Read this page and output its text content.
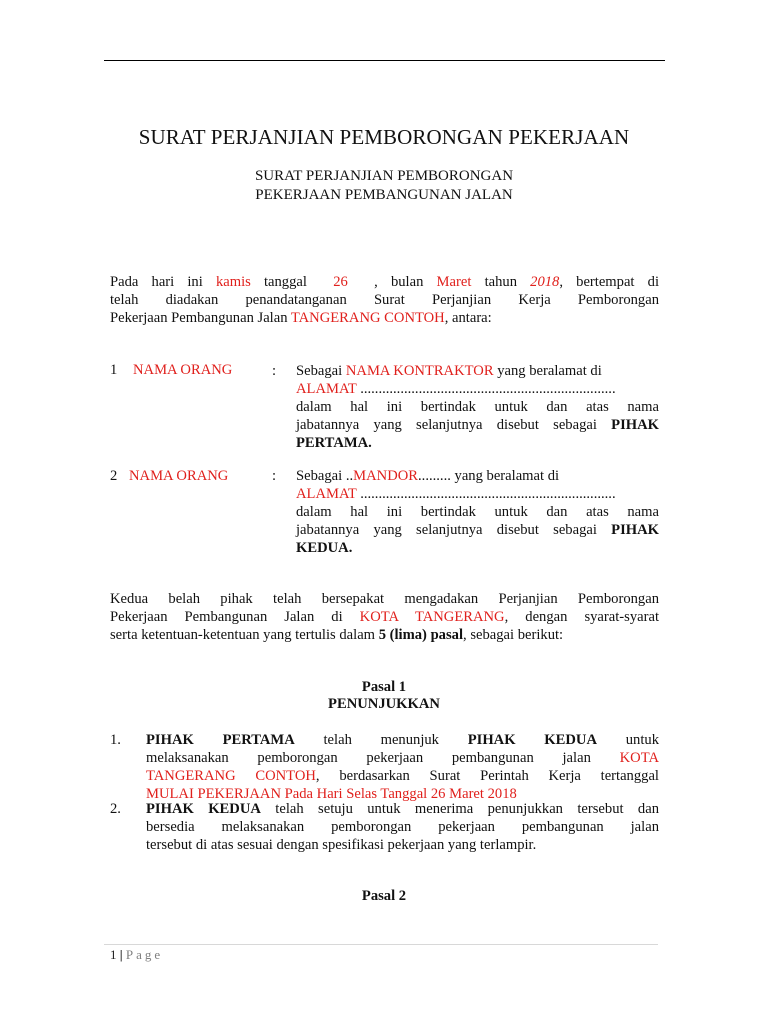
SURAT PERJANJIAN PEMBORONGAN PEKERJAAN
SURAT PERJANJIAN PEMBORONGAN
PEKERJAAN PEMBANGUNAN JALAN
Pada hari ini kamis tanggal 26 , bulan Maret tahun 2018, bertempat di
telah diadakan penandatanganan Surat Perjanjian Kerja Pemborongan
Pekerjaan Pembangunan Jalan TANGERANG CONTOH, antara:
1 NAMA ORANG	: Sebagai NAMA KONTRAKTOR yang beralamat di
ALAMAT ......................................................................
dalam hal ini bertindak untuk dan atas nama
jabatannya yang selanjutnya disebut sebagai PIHAK
PERTAMA.
2 NAMA ORANG	: Sebagai ..MANDOR......... yang beralamat di
ALAMAT ......................................................................
dalam hal ini bertindak untuk dan atas nama
jabatannya yang selanjutnya disebut sebagai PIHAK
KEDUA.
Kedua belah pihak telah bersepakat mengadakan Perjanjian Pemborongan
Pekerjaan Pembangunan Jalan di KOTA TANGERANG, dengan syarat-syarat
serta ketentuan-ketentuan yang tertulis dalam 5 (lima) pasal, sebagai berikut:
Pasal 1
PENUNJUKKAN
1. PIHAK PERTAMA telah menunjuk PIHAK KEDUA untuk
melaksanakan pemborongan pekerjaan pembangunan jalan KOTA
TANGERANG CONTOH, berdasarkan Surat Perintah Kerja tertanggal
MULAI PEKERJAAN Pada Hari Selas Tanggal 26 Maret 2018
2. PIHAK KEDUA telah setuju untuk menerima penunjukkan tersebut dan
bersedia melaksanakan pemborongan pekerjaan pembangunan jalan
tersebut di atas sesuai dengan spesifikasi pekerjaan yang terlampir.
Pasal 2
1 | Page
